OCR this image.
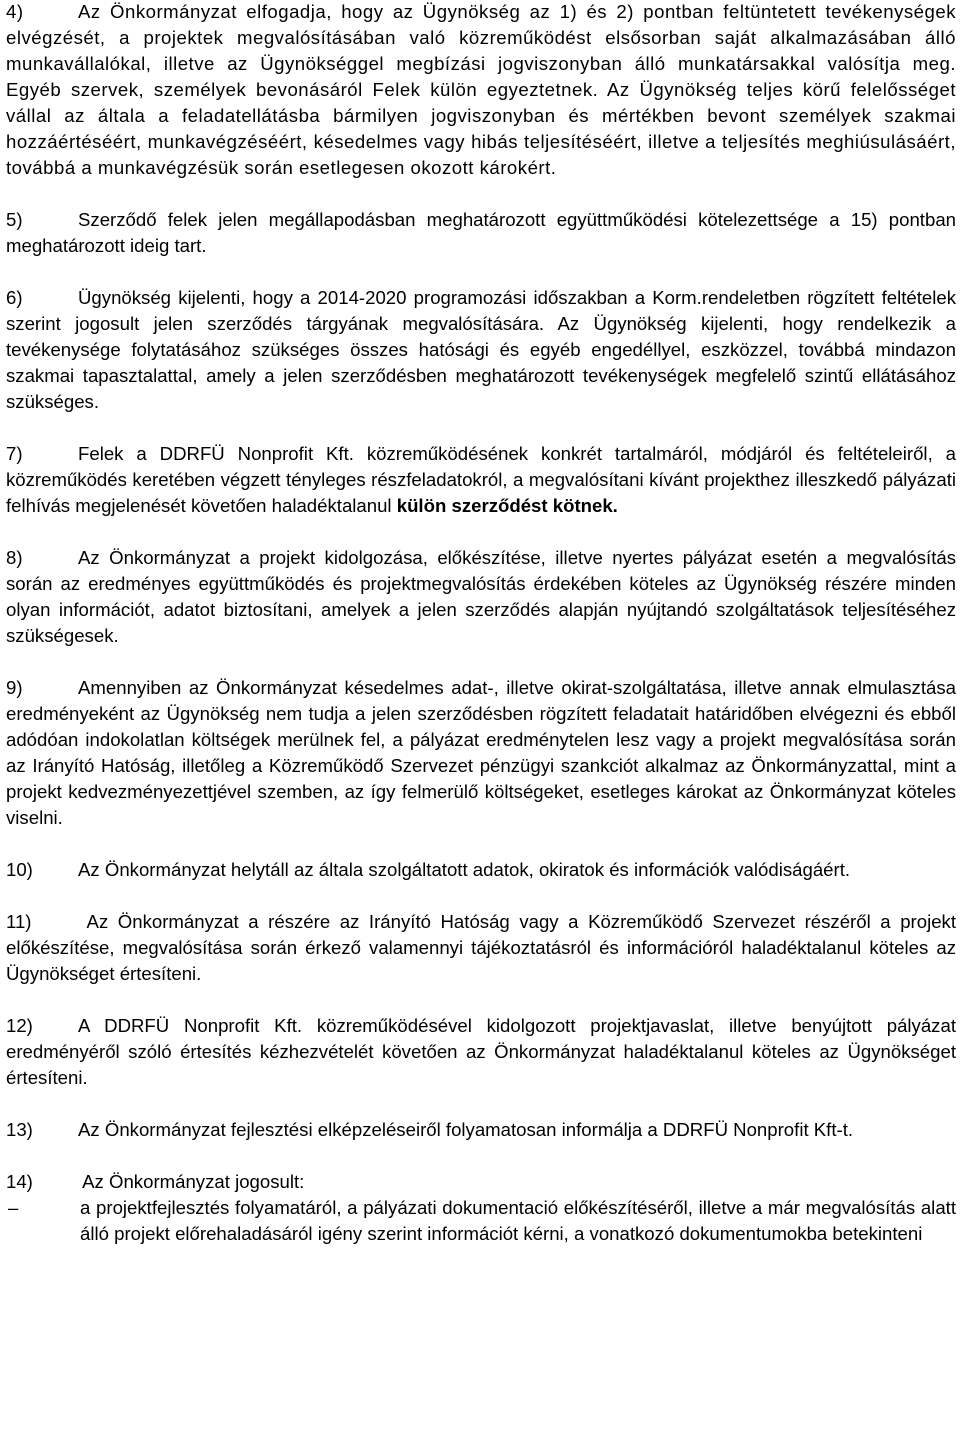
4)	Az Önkormányzat elfogadja, hogy az Ügynökség az 1) és 2) pontban feltüntetett tevékenységek elvégzését, a projektek megvalósításában való közreműködést elsősorban saját alkalmazásában álló munkavállalókal, illetve az Ügynökséggel megbízási jogviszonyban álló munkatársakkal valósítja meg. Egyéb szervek, személyek bevonásáról Felek külön egyeztetnek. Az Ügynökség teljes körű felelősséget vállal az általa a feladatellátásba bármilyen jogviszonyban és mértékben bevont személyek szakmai hozzáértéséért, munkavégzéséért, késedelmes vagy hibás teljesítéséért, illetve a teljesítés meghiúsulásáért, továbbá a munkavégzésük során esetlegesen okozott károkért.

5)	Szerződő felek jelen megállapodásban meghatározott együttműködési kötelezettsége a 15) pontban meghatározott ideig tart.

6)	Ügynökség kijelenti, hogy a 2014-2020 programozási időszakban a Korm.rendeletben rögzített feltételek szerint jogosult jelen szerződés tárgyának megvalósítására. Az Ügynökség kijelenti, hogy rendelkezik a tevékenysége folytatásához szükséges összes hatósági és egyéb engedéllyel, eszközzel, továbbá mindazon szakmai tapasztalattal, amely a jelen szerződésben meghatározott tevékenységek megfelelő szintű ellátásához szükséges.

7)	Felek a DDRFÜ Nonprofit Kft. közreműködésének konkrét tartalmáról, módjáról és feltételeiről, a közreműködés keretében végzett tényleges részfeladatokról, a megvalósítani kívánt projekthez illeszkedő pályázati felhívás megjelenését követően haladéktalanul külön szerződést kötnek.

8)	Az Önkormányzat a projekt kidolgozása, előkészítése, illetve nyertes pályázat esetén a megvalósítás során az eredményes együttműködés és projektmegvalósítás érdekében köteles az Ügynökség részére minden olyan információt, adatot biztosítani, amelyek a jelen szerződés alapján nyújtandó szolgáltatások teljesítéséhez szükségesek.

9)	Amennyiben az Önkormányzat késedelmes adat-, illetve okirat-szolgáltatása, illetve annak elmulasztása eredményeként az Ügynökség nem tudja a jelen szerződésben rögzített feladatait határidőben elvégezni és ebből adódóan indokolatlan költségek merülnek fel, a pályázat eredménytelen lesz vagy a projekt megvalósítása során az Irányító Hatóság, illetőleg a Közreműködő Szervezet pénzügyi szankciót alkalmaz az Önkormányzattal, mint a projekt kedvezményezettjével szemben, az így felmerülő költségeket, esetleges károkat az Önkormányzat köteles viselni.

10) Az Önkormányzat helytáll az általa szolgáltatott adatok, okiratok és információk valódiságáért.

11)	Az Önkormányzat a részére az Irányító Hatóság vagy a Közreműködő Szervezet részéről a projekt előkészítése, megvalósítása során érkező valamennyi tájékoztatásról és információról haladéktalanul köteles az Ügynökséget értesíteni.

12) A DDRFÜ Nonprofit Kft. közreműködésével kidolgozott projektjavaslat, illetve benyújtott pályázat eredményéről szóló értesítés kézhezvételét követően az Önkormányzat haladéktalanul köteles az Ügynökséget értesíteni.

13) Az Önkormányzat fejlesztési elképzeléseiről folyamatosan informálja a DDRFÜ Nonprofit Kft-t.

14) Az Önkormányzat jogosult:
–	a projektfejlesztés folyamatáról, a pályázati dokumentació előkészítéséről, illetve a már megvalósítás alatt álló projekt előrehaladásáról igény szerint információt kérni, a vonatkozó dokumentumokba betekinteni
